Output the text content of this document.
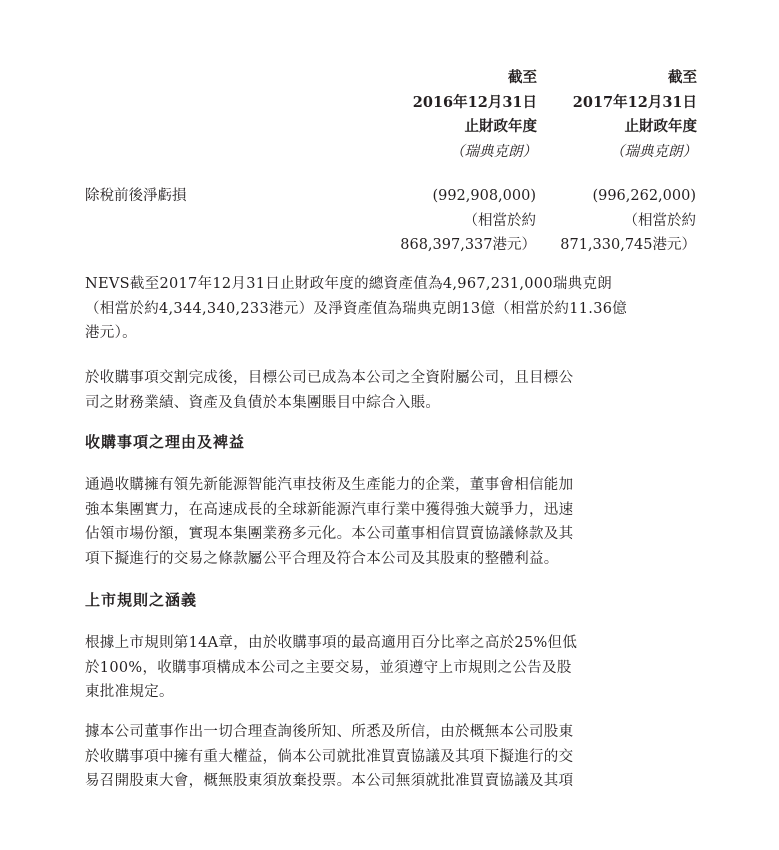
截至
2016年12月31日
止財政年度
（瑞典克朗）
截至
2017年12月31日
止財政年度
（瑞典克朗）
除稅前後淨虧損	(992,908,000)
（相當於約
868,397,337港元）
(996,262,000)
（相當於約
871,330,745港元）

NEVS截至2017年12月31日止財政年度的總資產值為4,967,231,000瑞典克朗
（相當於約4,344,340,233港元）及淨資產值為瑞典克朗13億（相當於約11.36億
港元）。

於收購事項交割完成後，目標公司已成為本公司之全資附屬公司，且目標公
司之財務業績、資產及負債於本集團賬目中綜合入賬。

收購事項之理由及裨益

通過收購擁有領先新能源智能汽車技術及生產能力的企業，董事會相信能加
強本集團實力，在高速成長的全球新能源汽車行業中獲得強大競爭力，迅速
佔領市場份額，實現本集團業務多元化。本公司董事相信買賣協議條款及其
項下擬進行的交易之條款屬公平合理及符合本公司及其股東的整體利益。

上市規則之涵義

根據上市規則第14A章，由於收購事項的最高適用百分比率之高於25%但低
於100%，收購事項構成本公司之主要交易，並須遵守上市規則之公告及股
東批准規定。

據本公司董事作出一切合理查詢後所知、所悉及所信，由於概無本公司股東
於收購事項中擁有重大權益，倘本公司就批准買賣協議及其項下擬進行的交
易召開股東大會，概無股東須放棄投票。本公司無須就批准買賣協議及其項
